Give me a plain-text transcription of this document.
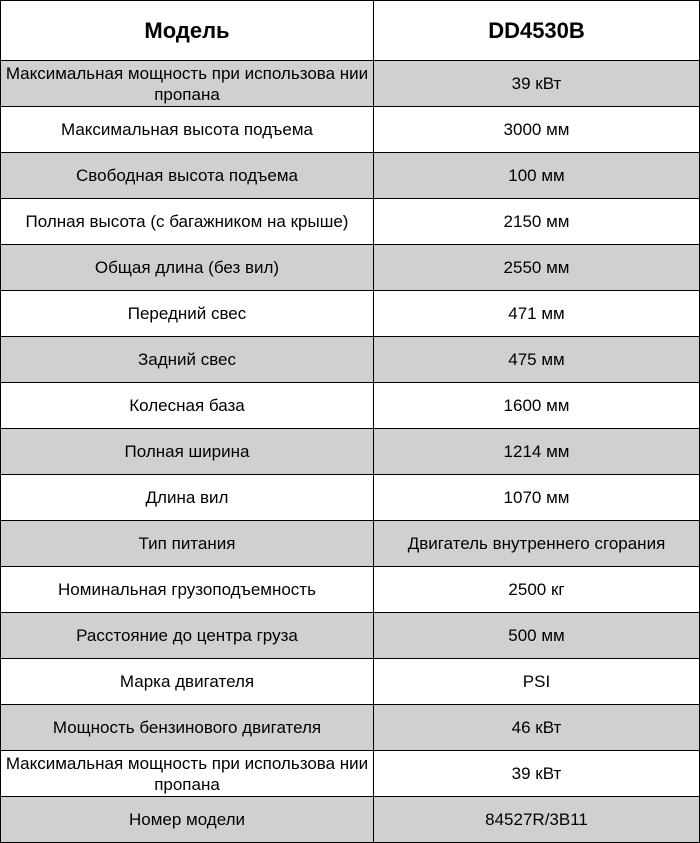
Модель	DD4530B
Максимальная мощность при использова нии пропана	39 кВт
Максимальная высота подъема	3000 мм
Свободная высота подъема	100 мм
Полная высота (с багажником на крыше)	2150 мм
Общая длина (без вил)	2550 мм
Передний свес	471 мм
Задний свес	475 мм
Колесная база	1600 мм
Полная ширина	1214 мм
Длина вил	1070 мм
Тип питания	Двигатель внутреннего сгорания
Номинальная грузоподъемность	2500 кг
Расстояние до центра груза	500 мм
Марка двигателя	PSI
Мощность бензинового двигателя	46 кВт
Максимальная мощность при использова нии пропана	39 кВт
Номер модели	84527R/3B11
